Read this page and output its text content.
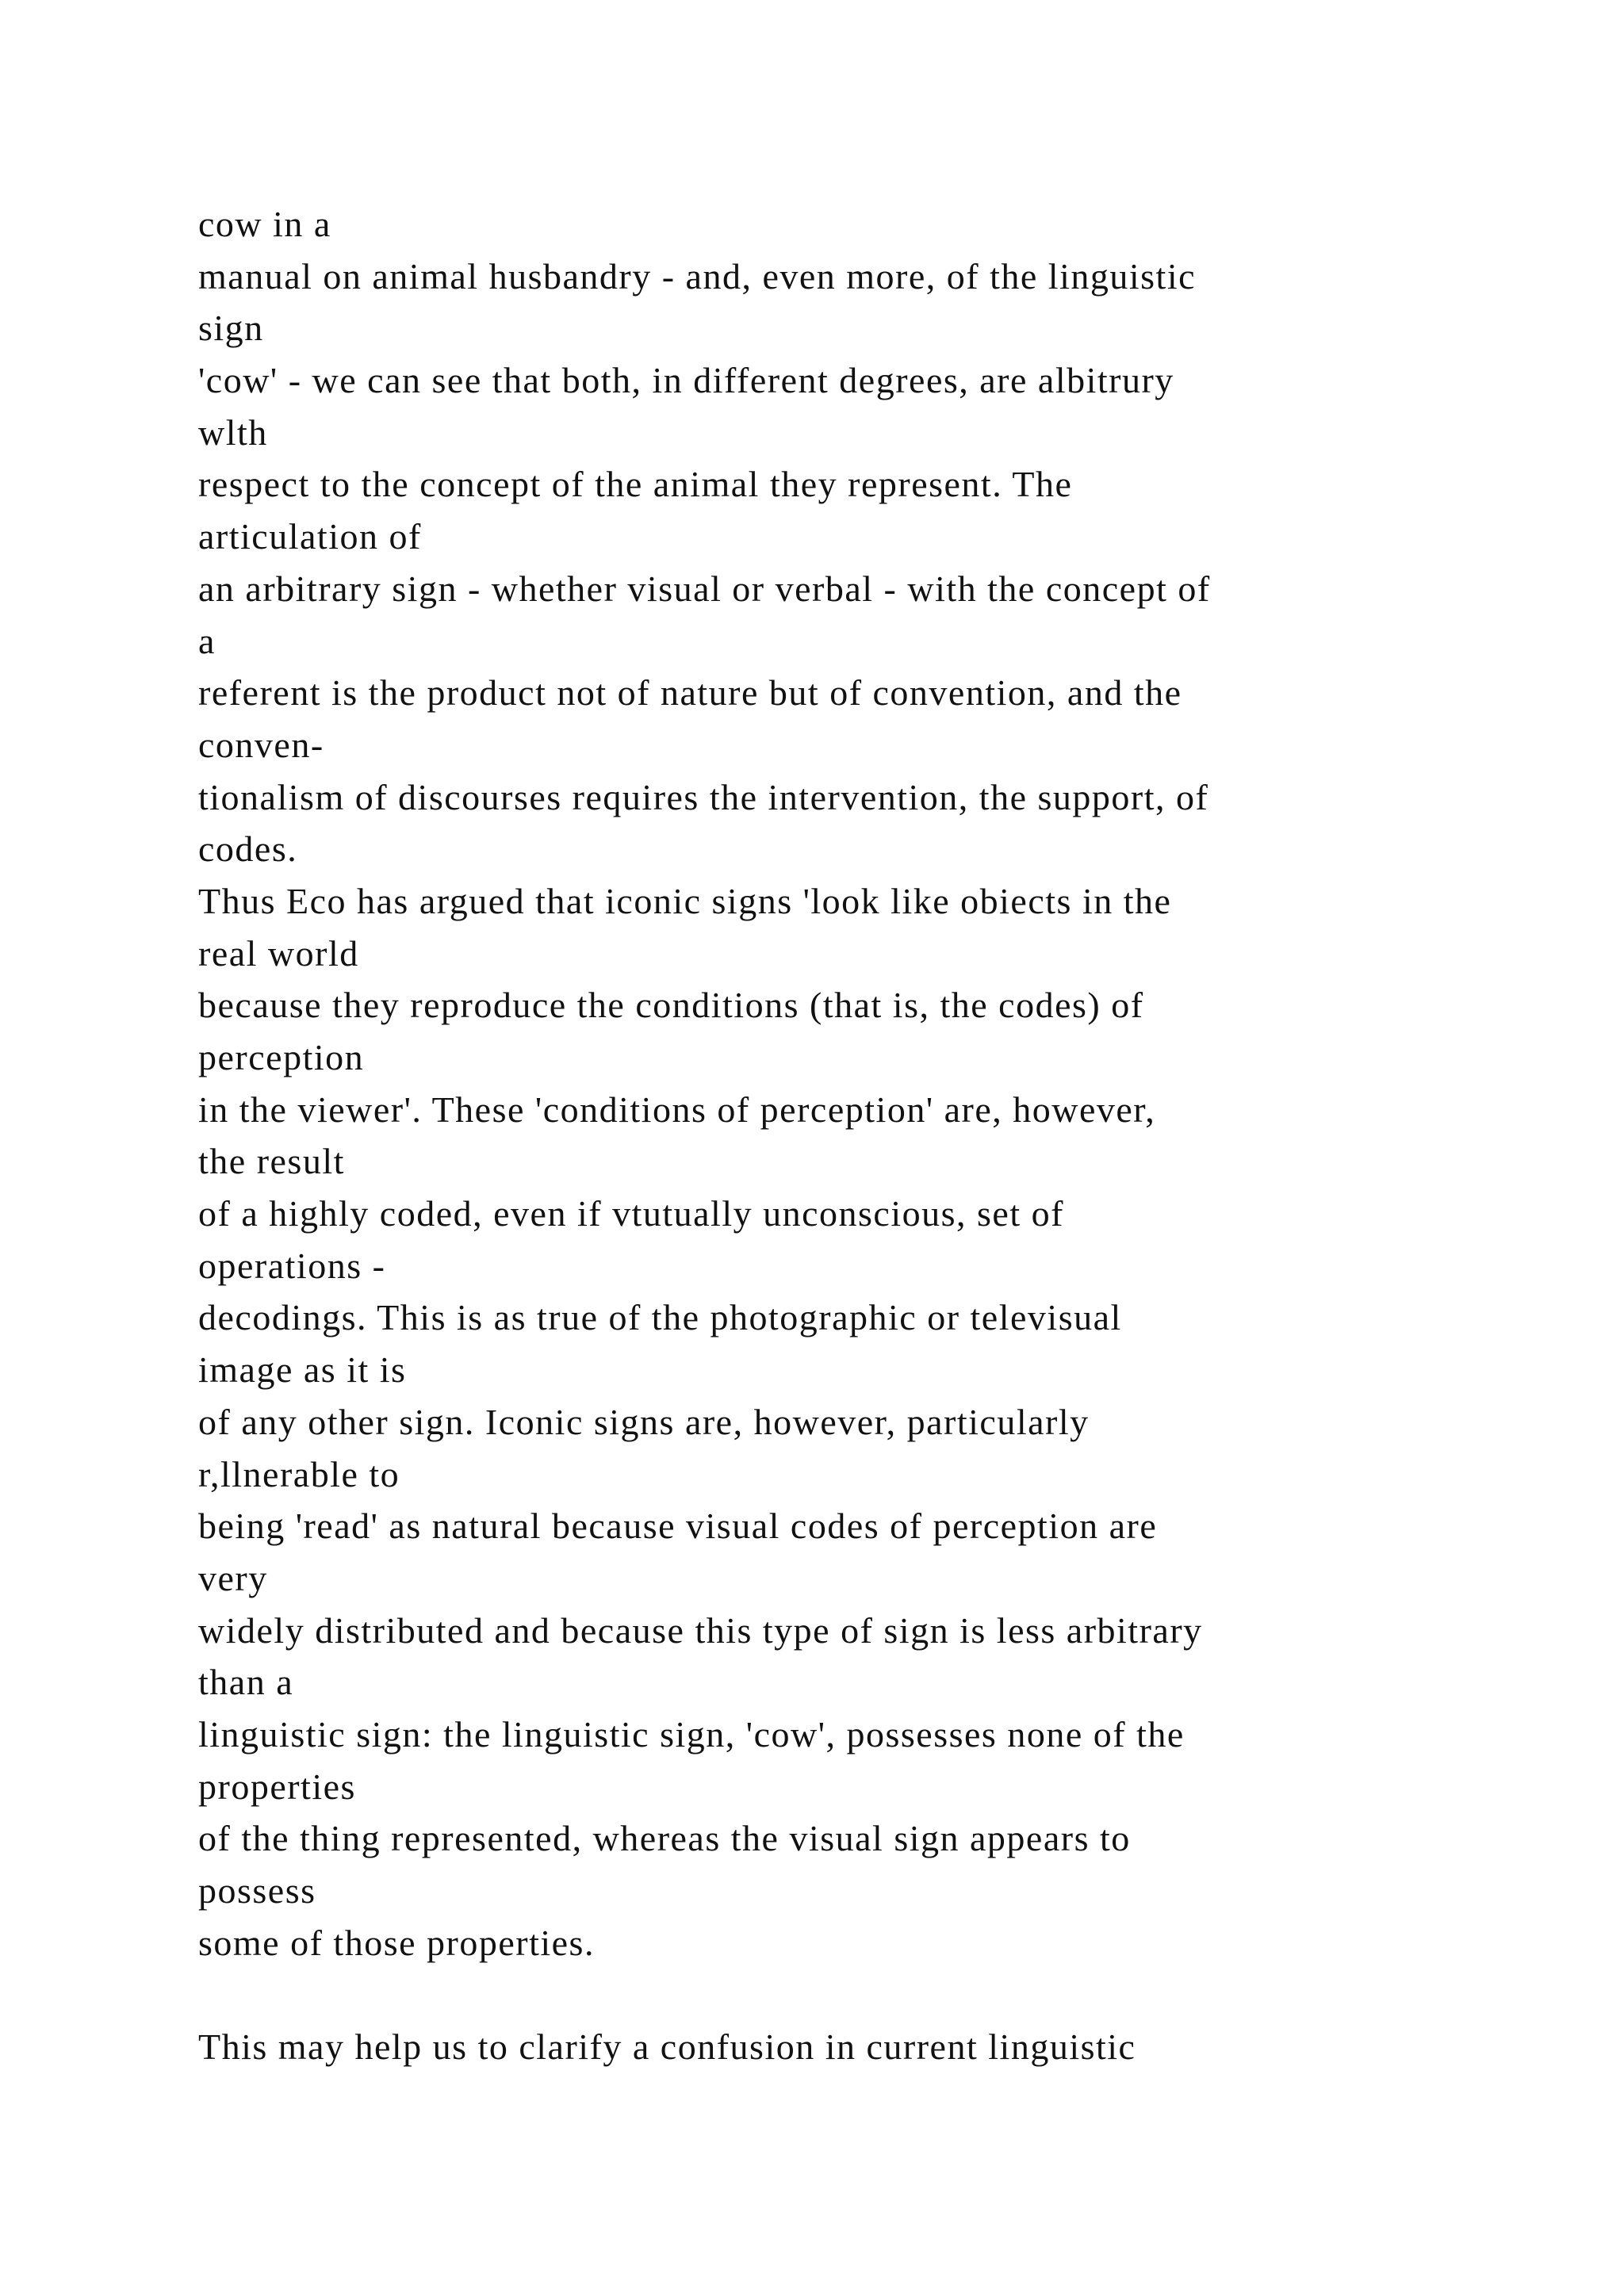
cow in a
manual on animal husbandry - and, even more, of the linguistic
sign
'cow' - we can see that both, in different degrees, are albitrury
wlth
respect to the concept of the animal they represent. The
articulation of
an arbitrary sign - whether visual or verbal - with the concept of
a
referent is the product not of nature but of convention, and the
conven-
tionalism of discourses requires the intervention, the support, of
codes.
Thus Eco has argued that iconic signs 'look like obiects in the
real world
because they reproduce the conditions (that is, the codes) of
perception
in the viewer'. These 'conditions of perception' are, however,
the result
of a highly coded, even if vtutually unconscious, set of
operations -
decodings. This is as true of the photographic or televisual
image as it is
of any other sign. Iconic signs are, however, particularly
r,llnerable to
being 'read' as natural because visual codes of perception are
very
widely distributed and because this type of sign is less arbitrary
than a
linguistic sign: the linguistic sign, 'cow', possesses none of the
properties
of the thing represented, whereas the visual sign appears to
possess
some of those properties.
This may help us to clarify a confusion in current linguistic
